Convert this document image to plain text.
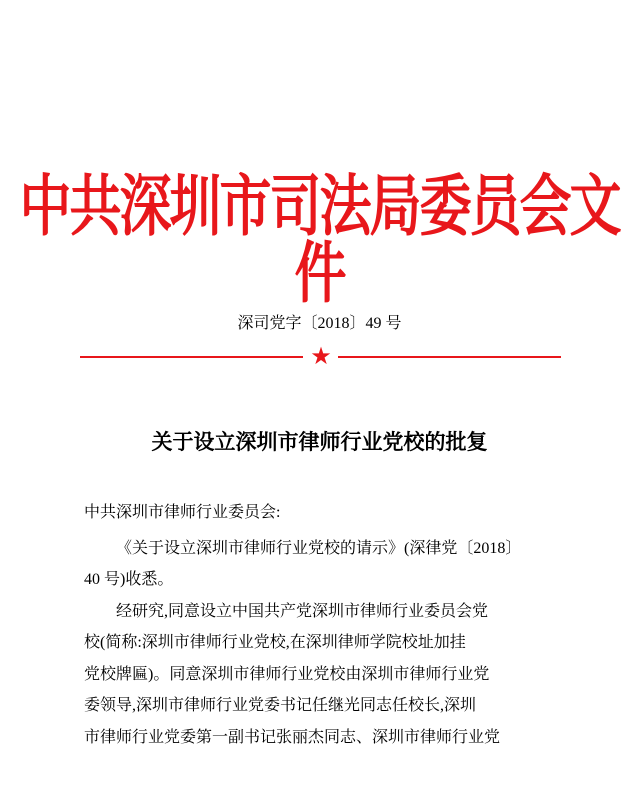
中共深圳市司法局委员会文件
深司党字〔2018〕49 号
★
关于设立深圳市律师行业党校的批复
中共深圳市律师行业委员会:
《关于设立深圳市律师行业党校的请示》(深律党〔2018〕
40 号)收悉。
经研究,同意设立中国共产党深圳市律师行业委员会党
校(简称:深圳市律师行业党校,在深圳律师学院校址加挂
党校牌匾)。同意深圳市律师行业党校由深圳市律师行业党
委领导,深圳市律师行业党委书记任继光同志任校长,深圳
市律师行业党委第一副书记张丽杰同志、深圳市律师行业党
